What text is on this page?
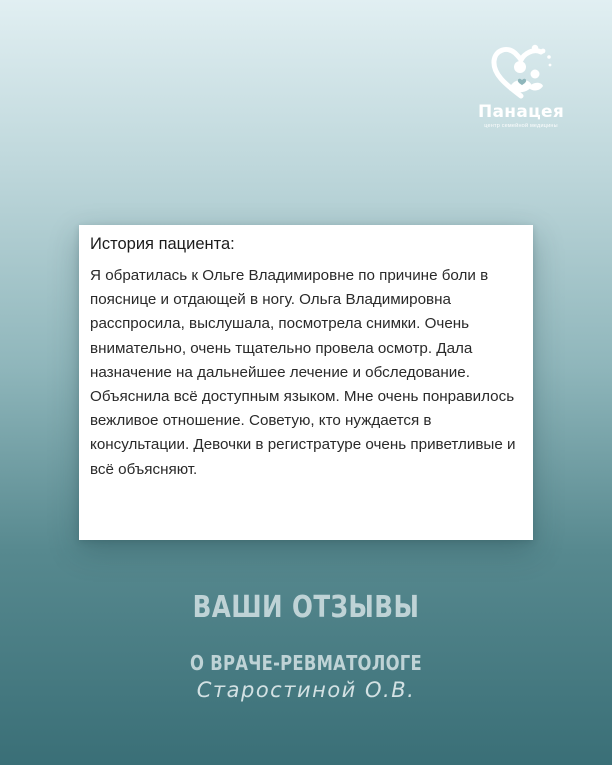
Панацея
центр семейной медицины
История пациента:
Я обратилась к Ольге Владимировне по причине боли в пояснице и отдающей в ногу. Ольга Владимировна расспросила, выслушала, посмотрела снимки. Очень внимательно, очень тщательно провела осмотр. Дала назначение на дальнейшее лечение и обследование. Объяснила всё доступным языком. Мне очень понравилось вежливое отношение. Советую, кто нуждается в консультации. Девочки в регистратуре очень приветливые и всё объясняют.
ВАШИ ОТЗЫВЫ
О ВРАЧЕ-РЕВМАТОЛОГЕ
Старостиной О.В.
